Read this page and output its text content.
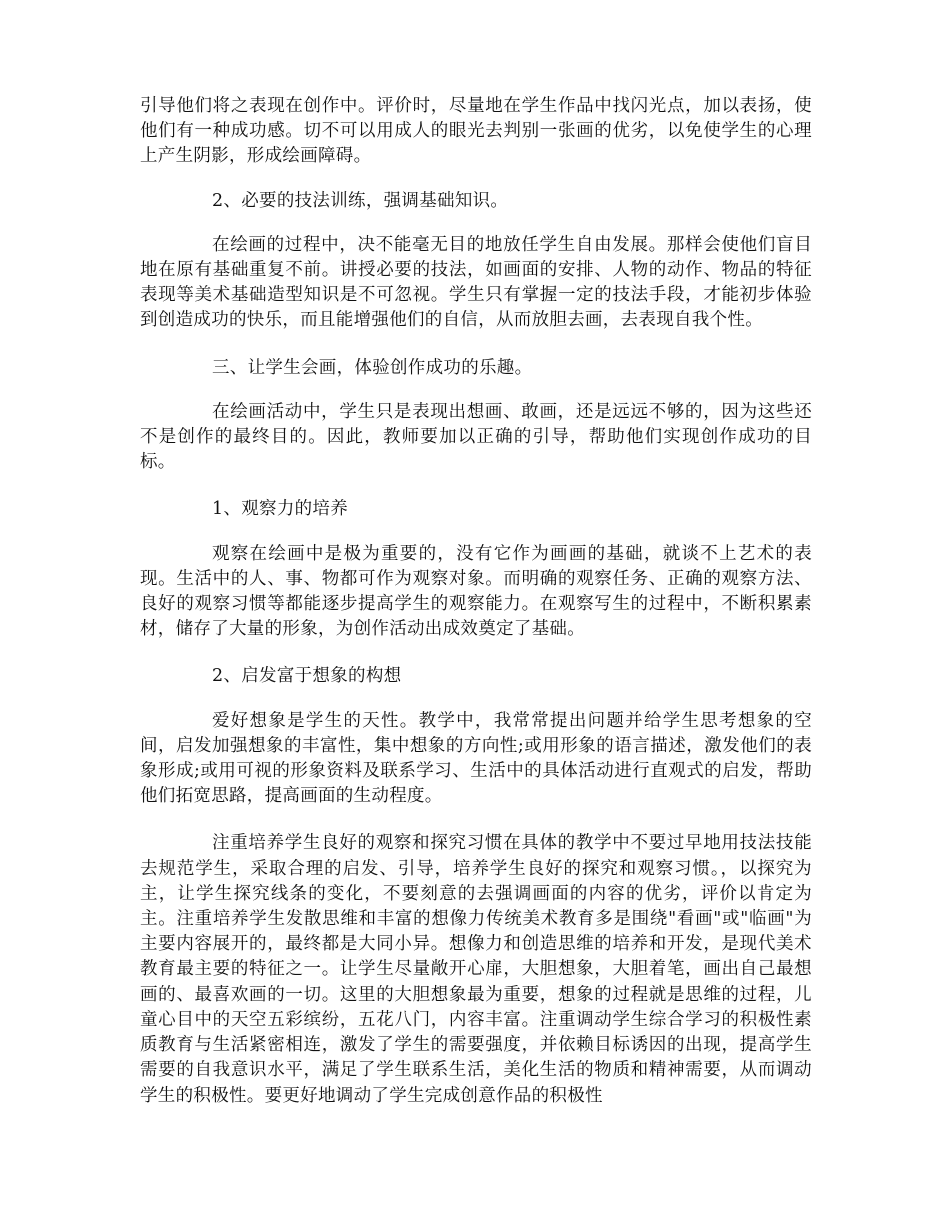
引导他们将之表现在创作中。评价时，尽量地在学生作品中找闪光点，加以表扬，使他们有一种成功感。切不可以用成人的眼光去判别一张画的优劣，以免使学生的心理上产生阴影，形成绘画障碍。

2、必要的技法训练，强调基础知识。

在绘画的过程中，决不能毫无目的地放任学生自由发展。那样会使他们盲目地在原有基础重复不前。讲授必要的技法，如画面的安排、人物的动作、物品的特征表现等美术基础造型知识是不可忽视。学生只有掌握一定的技法手段，才能初步体验到创造成功的快乐，而且能增强他们的自信，从而放胆去画，去表现自我个性。

三、让学生会画，体验创作成功的乐趣。

在绘画活动中，学生只是表现出想画、敢画，还是远远不够的，因为这些还不是创作的最终目的。因此，教师要加以正确的引导，帮助他们实现创作成功的目标。

1、观察力的培养

观察在绘画中是极为重要的，没有它作为画画的基础，就谈不上艺术的表现。生活中的人、事、物都可作为观察对象。而明确的观察任务、正确的观察方法、良好的观察习惯等都能逐步提高学生的观察能力。在观察写生的过程中，不断积累素材，储存了大量的形象，为创作活动出成效奠定了基础。

2、启发富于想象的构想

爱好想象是学生的天性。教学中，我常常提出问题并给学生思考想象的空间，启发加强想象的丰富性，集中想象的方向性;或用形象的语言描述，激发他们的表象形成;或用可视的形象资料及联系学习、生活中的具体活动进行直观式的启发，帮助他们拓宽思路，提高画面的生动程度。

注重培养学生良好的观察和探究习惯在具体的教学中不要过早地用技法技能去规范学生，采取合理的启发、引导，培养学生良好的探究和观察习惯。，以探究为主，让学生探究线条的变化，不要刻意的去强调画面的内容的优劣，评价以肯定为主。注重培养学生发散思维和丰富的想像力传统美术教育多是围绕"看画"或"临画"为主要内容展开的，最终都是大同小异。想像力和创造思维的培养和开发，是现代美术教育最主要的特征之一。让学生尽量敞开心扉，大胆想象，大胆着笔，画出自己最想画的、最喜欢画的一切。这里的大胆想象最为重要，想象的过程就是思维的过程，儿童心目中的天空五彩缤纷，五花八门，内容丰富。注重调动学生综合学习的积极性素质教育与生活紧密相连，激发了学生的需要强度，并依赖目标诱因的出现，提高学生需要的自我意识水平，满足了学生联系生活，美化生活的物质和精神需要，从而调动学生的积极性。要更好地调动了学生完成创意作品的积极性
